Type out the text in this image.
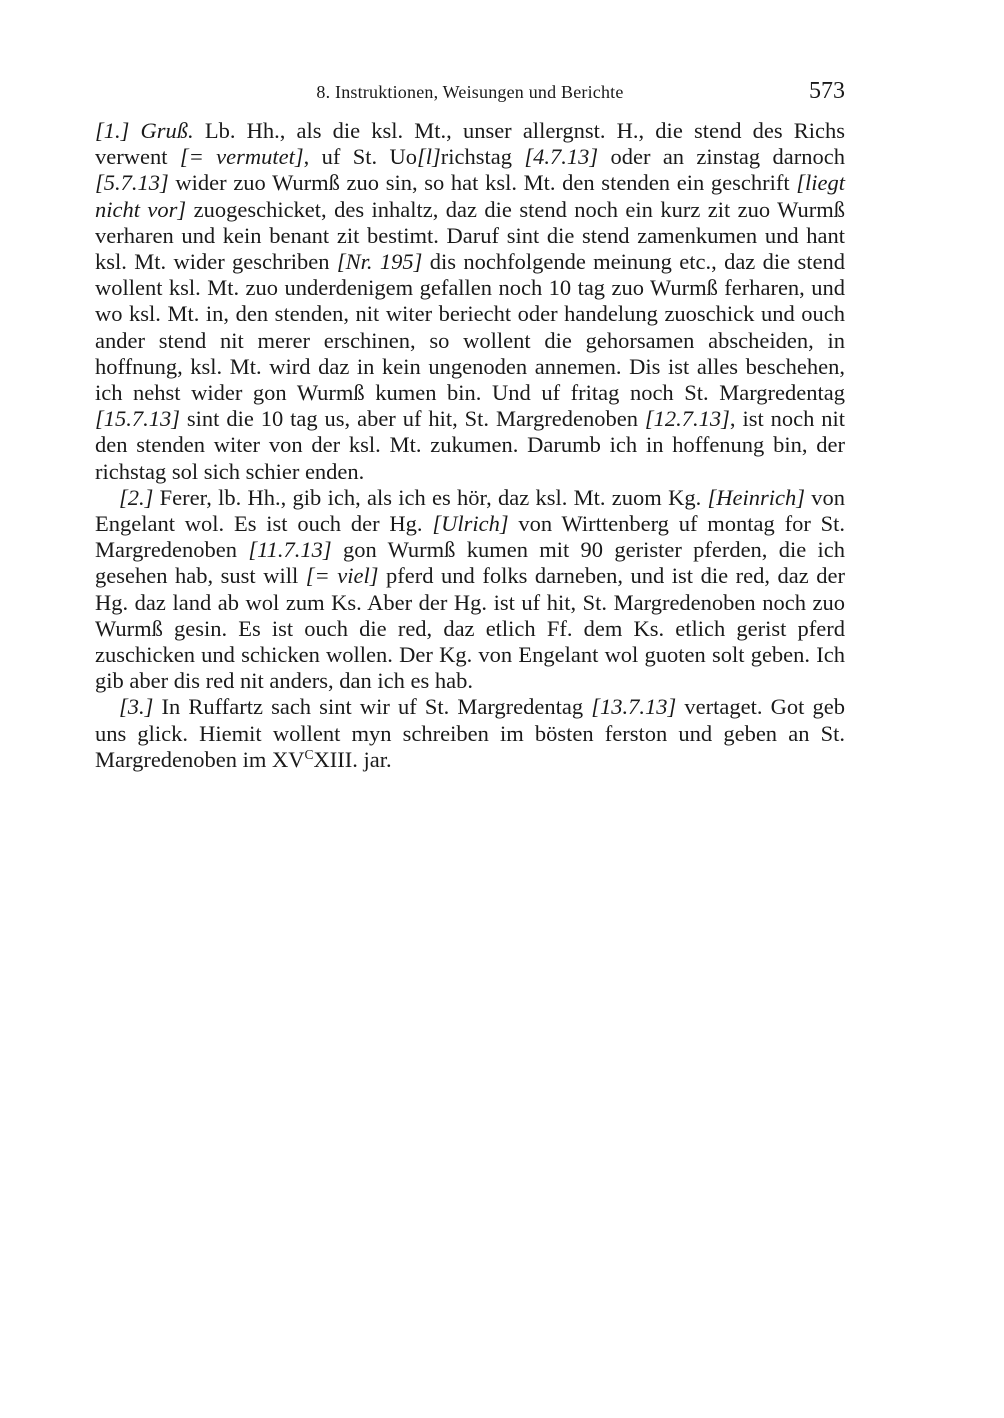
8. Instruktionen, Weisungen und Berichte	573

[1.] Gruß. Lb. Hh., als die ksl. Mt., unser allergnst. H., die stend des Richs verwent [= vermutet], uf St. Uo[l]richstag [4.7.13] oder an zinstag darnoch [5.7.13] wider zuo Wurmß zuo sin, so hat ksl. Mt. den stenden ein geschrift [liegt nicht vor] zuogeschicket, des inhaltz, daz die stend noch ein kurz zit zuo Wurmß verharen und kein benant zit bestimt. Daruf sint die stend zamenkumen und hant ksl. Mt. wider geschriben [Nr. 195] dis nochfolgende meinung etc., daz die stend wollent ksl. Mt. zuo underdenigem gefallen noch 10 tag zuo Wurmß ferharen, und wo ksl. Mt. in, den stenden, nit witer beriecht oder handelung zuoschick und ouch ander stend nit merer erschinen, so wollent die gehorsamen abscheiden, in hoffnung, ksl. Mt. wird daz in kein ungenoden annemen. Dis ist alles beschehen, ich nehst wider gon Wurmß kumen bin. Und uf fritag noch St. Margredentag [15.7.13] sint die 10 tag us, aber uf hit, St. Margredenoben [12.7.13], ist noch nit den stenden witer von der ksl. Mt. zukumen. Darumb ich in hoffenung bin, der richstag sol sich schier enden.

[2.] Ferer, lb. Hh., gib ich, als ich es hör, daz ksl. Mt. zuom Kg. [Heinrich] von Engelant wol. Es ist ouch der Hg. [Ulrich] von Wirttenberg uf montag for St. Margredenoben [11.7.13] gon Wurmß kumen mit 90 gerister pferden, die ich gesehen hab, sust will [= viel] pferd und folks darneben, und ist die red, daz der Hg. daz land ab wol zum Ks. Aber der Hg. ist uf hit, St. Margredenoben noch zuo Wurmß gesin. Es ist ouch die red, daz etlich Ff. dem Ks. etlich gerist pferd zuschicken und schicken wollen. Der Kg. von Engelant wol guoten solt geben. Ich gib aber dis red nit anders, dan ich es hab.

[3.] In Ruffartz sach sint wir uf St. Margredentag [13.7.13] vertaget. Got geb uns glick. Hiemit wollent myn schreiben im bösten ferston und geben an St. Margredenoben im $XV^CXIII$. jar.
